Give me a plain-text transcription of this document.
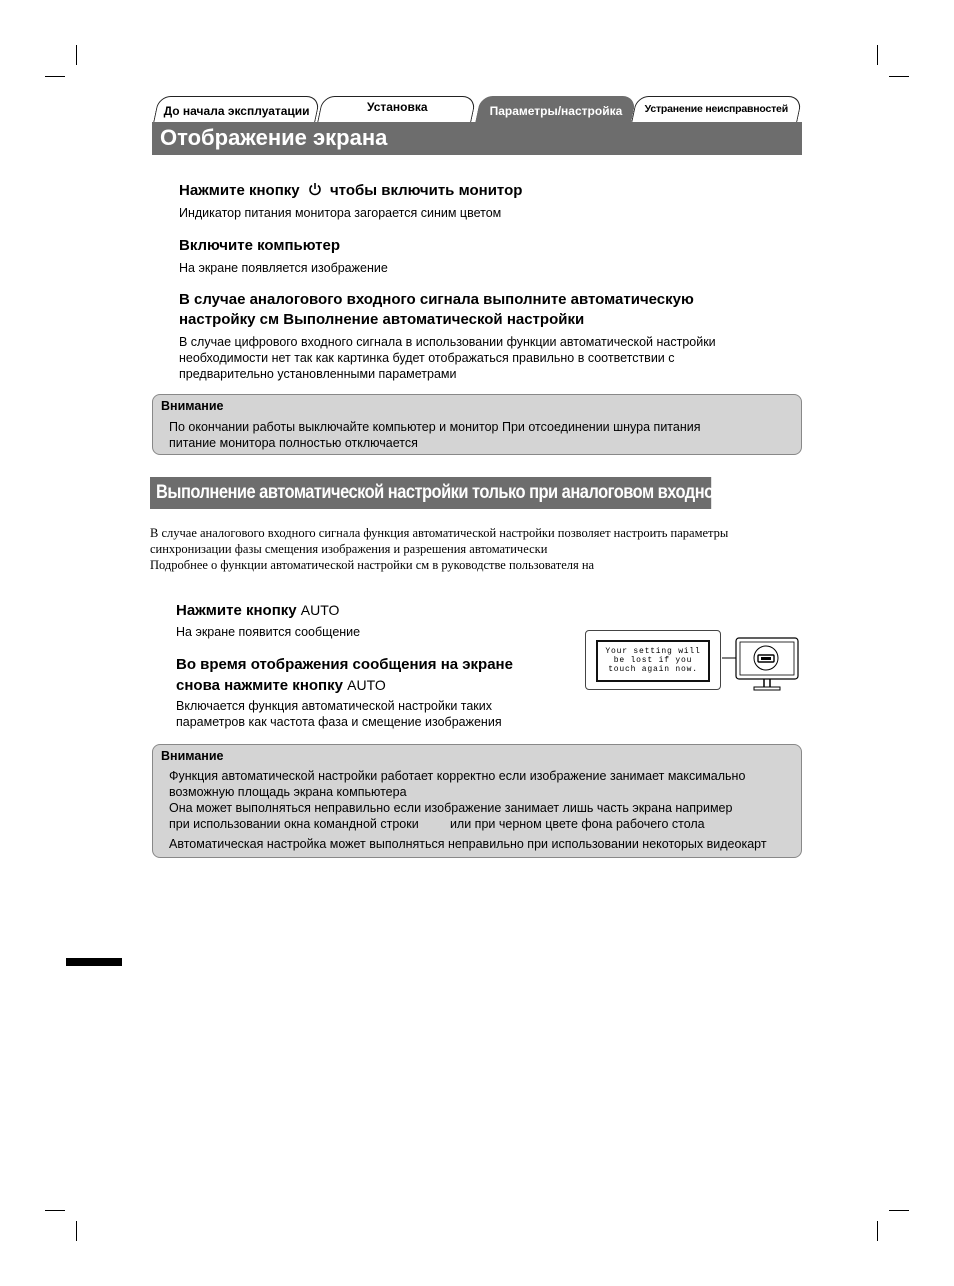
До начала эксплуатации	Установка	Параметры/настройка Устранение неисправностей
Отображение экрана
Нажмите кнопку чтобы включить монитор
Индикатор питания монитора загорается синим цветом
Включите компьютер
На экране появляется изображение
В случае аналогового входного сигнала выполните автоматическую
настройку см Выполнение автоматической настройки
В случае цифрового входного сигнала в использовании функции автоматической настройки
необходимости нет так как картинка будет отображаться правильно в соответствии с
предварительно установленными параметрами
Внимание
По окончании работы выключайте компьютер и монитор При отсоединении шнура питания
питание монитора полностью отключается
Выполнение автоматической настройки только при аналоговом входном сигнале
В случае аналогового входного сигнала функция автоматической настройки позволяет настроить параметры
синхронизации фазы смещения изображения и разрешения автоматически
Подробнее о функции автоматической настройки см в руководстве пользователя на
Нажмите кнопку AUTO
На экране появится сообщение
Во время отображения сообщения на экране
снова нажмите кнопку AUTO
Включается функция автоматической настройки таких
параметров как частота фаза и смещение изображения
Your setting will
be lost if you
touch again now.
Внимание
Функция автоматической настройки работает корректно если изображение занимает максимально
возможную площадь экрана компьютера
Она может выполняться неправильно если изображение занимает лишь часть экрана например
при использовании окна командной строки         или при черном цвете фона рабочего стола
Автоматическая настройка может выполняться неправильно при использовании некоторых видеокарт
